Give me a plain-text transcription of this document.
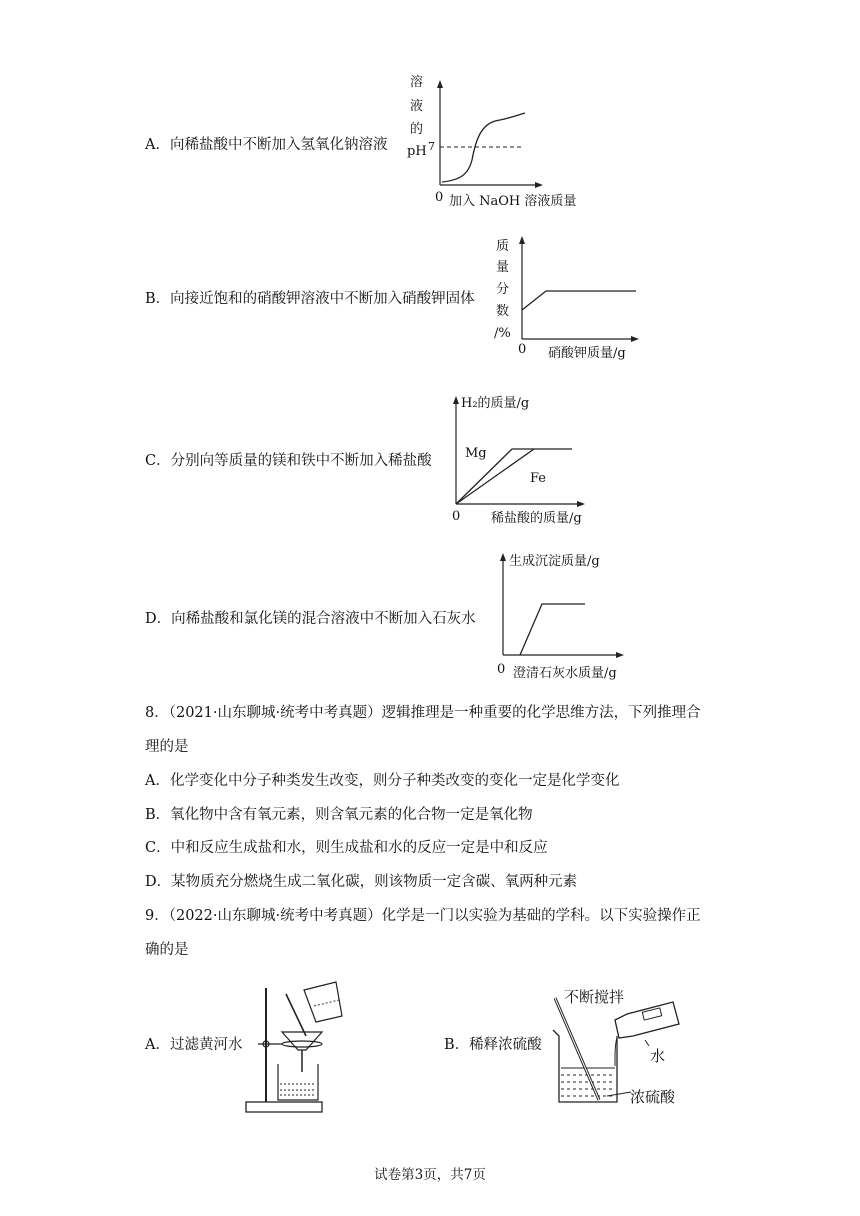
A．向稀盐酸中不断加入氢氧化钠溶液
溶
液
的
pH 7
0 加入 NaOH 溶液质量
B．向接近饱和的硝酸钾溶液中不断加入硝酸钾固体
质
量
分
数
/%
0 硝酸钾质量/g
C．分别向等质量的镁和铁中不断加入稀盐酸
H₂的质量/g
Mg
Fe
0 稀盐酸的质量/g
D．向稀盐酸和氯化镁的混合溶液中不断加入石灰水
生成沉淀质量/g
0 澄清石灰水质量/g
8．（2021·山东聊城·统考中考真题）逻辑推理是一种重要的化学思维方法，下列推理合
理的是
A．化学变化中分子种类发生改变，则分子种类改变的变化一定是化学变化
B．氧化物中含有氧元素，则含氧元素的化合物一定是氧化物
C．中和反应生成盐和水，则生成盐和水的反应一定是中和反应
D．某物质充分燃烧生成二氧化碳，则该物质一定含碳、氧两种元素
9．（2022·山东聊城·统考中考真题）化学是一门以实验为基础的学科。以下实验操作正
确的是
A．过滤黄河水	B．稀释浓硫酸
不断搅拌
水
浓硫酸
试卷第3页，共7页
